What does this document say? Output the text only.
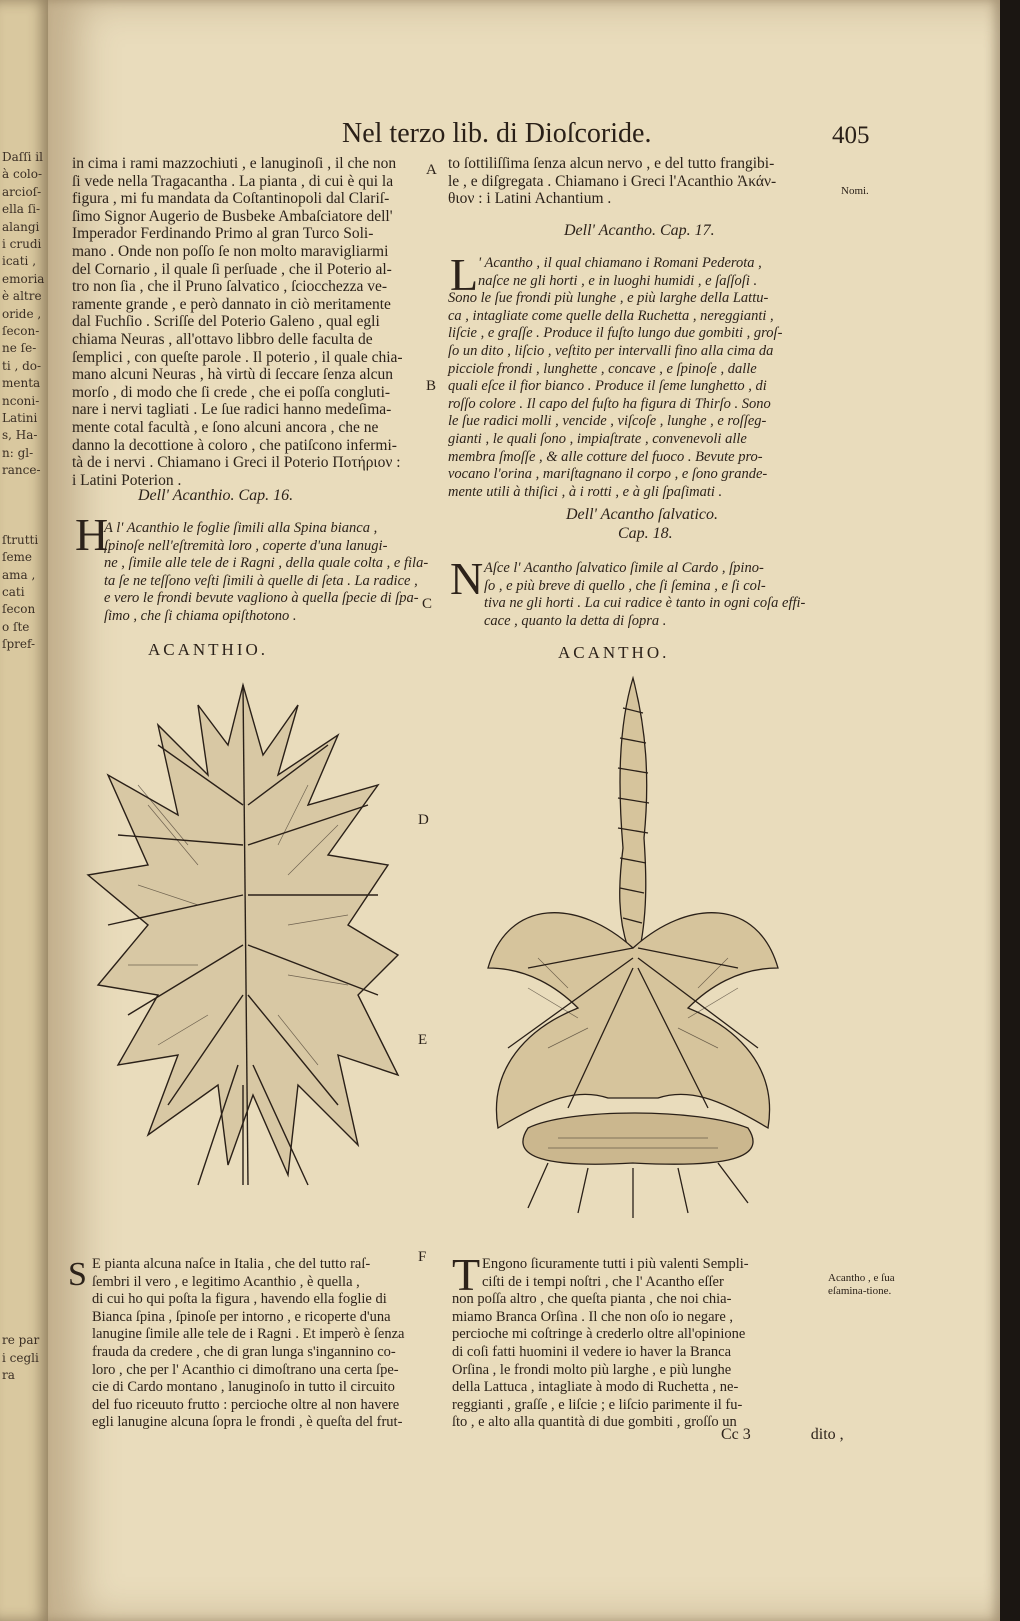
Daſſi il
à colo-
arcioſ-
ella ſi-
alangi
i crudi
icati ,
emoria
è altre
oride ,
ſecon-
ne ſe-
ti , do-
menta
nconi-
Latini
s, Ha-
n: gl-
rance-
ſtrutti
ſeme
ama ,
cati
ſecon
o ſte
ſpref-
re par
i cegli
ra
Nel terzo lib. di Dioſcoride.	405
in cima i rami mazzochiuti , e lanuginoſi , il che non
ſi vede nella Tragacantha . La pianta , di cui è qui la
figura , mi fu mandata da Coſtantinopoli dal Clariſ-
ſimo Signor Augerio de Busbeke Ambaſciatore dell'
Imperador Ferdinando Primo al gran Turco Soli-
mano . Onde non poſſo ſe non molto maravigliarmi
del Cornario , il quale ſi perſuade , che il Poterio al-
tro non ſia , che il Pruno ſalvatico , ſciocchezza ve-
ramente grande , e però dannato in ciò meritamente
dal Fuchſio . Scriſſe del Poterio Galeno , qual egli
chiama Neuras , all'ottavo libbro delle faculta de
ſemplici , con queſte parole . Il poterio , il quale chia-
mano alcuni Neuras , hà virtù di ſeccare ſenza alcun
morſo , di modo che ſi crede , che ei poſſa congluti-
nare i nervi tagliati . Le ſue radici hanno medeſima-
mente cotal facultà , e ſono alcuni ancora , che ne
danno la decottione à coloro , che patiſcono infermi-
tà de i nervi . Chiamano i Greci il Poterio Ποτήριον :
i Latini Poterion .
Dell' Acanthio. Cap. 16.
H
A l' Acanthio le foglie ſimili alla Spina bianca ,
ſpinoſe nell'eſtremità loro , coperte d'una lanugi-
ne , ſimile alle tele de i Ragni , della quale colta , e fila-
ta ſe ne teſſono veſti ſimili à quelle di ſeta . La radice ,
e vero le frondi bevute vagliono à quella ſpecie di ſpa-
ſimo , che ſi chiama opiſthotono .
ACANTHIO.
to ſottiliſſima ſenza alcun nervo , e del tutto frangibi-
le , e diſgregata . Chiamano i Greci l'Acanthio Ἀκάν-
θιον : i Latini Achantium .	Nomi.
Dell' Acantho. Cap. 17.
L ' Acantho , il qual chiamano i Romani Pederota ,
naſce ne gli horti , e in luoghi humidi , e ſaſſoſi .
Sono le ſue frondi più lunghe , e più larghe della Lattu-
ca , intagliate come quelle della Ruchetta , nereggianti ,
liſcie , e graſſe . Produce il fuſto lungo due gombiti , groſ-
ſo un dito , liſcio , veſtito per intervalli fino alla cima da
picciole frondi , lunghette , concave , e ſpinoſe , dalle
quali eſce il fior bianco . Produce il ſeme lunghetto , di
roſſo colore . Il capo del fuſto ha figura di Thirſo . Sono
le ſue radici molli , vencide , viſcoſe , lunghe , e roſſeg-
gianti , le quali ſono , impiaſtrate , convenevoli alle
membra ſmoſſe , & alle cotture del fuoco . Bevute pro-
vocano l'orina , mariſtagnano il corpo , e ſono grande-
mente utili à thiſici , à i rotti , e à gli ſpaſimati .
Dell' Acantho ſalvatico.
Cap. 18.
N Aſce l' Acantho ſalvatico ſimile al Cardo , ſpino-
ſo , e più breve di quello , che ſi ſemina , e ſi col-
tiva ne gli horti . La cui radice è tanto in ogni coſa effi-
cace , quanto la detta di ſopra .
ACANTHO.
A
B
C
D
E
F
S E pianta alcuna naſce in Italia , che del tutto raſ-
ſembri il vero , e legitimo Acanthio , è quella ,
di cui ho qui poſta la figura , havendo ella foglie di
Bianca ſpina , ſpinoſe per intorno , e ricoperte d'una
lanugine ſimile alle tele de i Ragni . Et imperò è ſenza
frauda da credere , che di gran lunga s'ingannino co-
loro , che per l' Acanthio ci dimoſtrano una certa ſpe-
cie di Cardo montano , lanuginoſo in tutto il circuito
del fuo riceuuto frutto : percioche oltre al non havere
egli lanugine alcuna ſopra le frondi , è queſta del frut-
T Engono ſicuramente tutti i più valenti Sempli-
ciſti de i tempi noſtri , che l' Acantho eſſer
non poſſa altro , che queſta pianta , che noi chia-
miamo Branca Orſina . Il che non oſo io negare ,
percioche mi coſtringe à crederlo oltre all'opinione
di coſi fatti huomini il vedere io haver la Branca
Orſina , le frondi molto più larghe , e più lunghe
della Lattuca , intagliate à modo di Ruchetta , ne-
reggianti , graſſe , e liſcie ; e liſcio parimente il fu-
ſto , e alto alla quantità di due gombiti , groſſo un
Acantho , e ſua eſamina-tione.
Cc 3	dito ,
